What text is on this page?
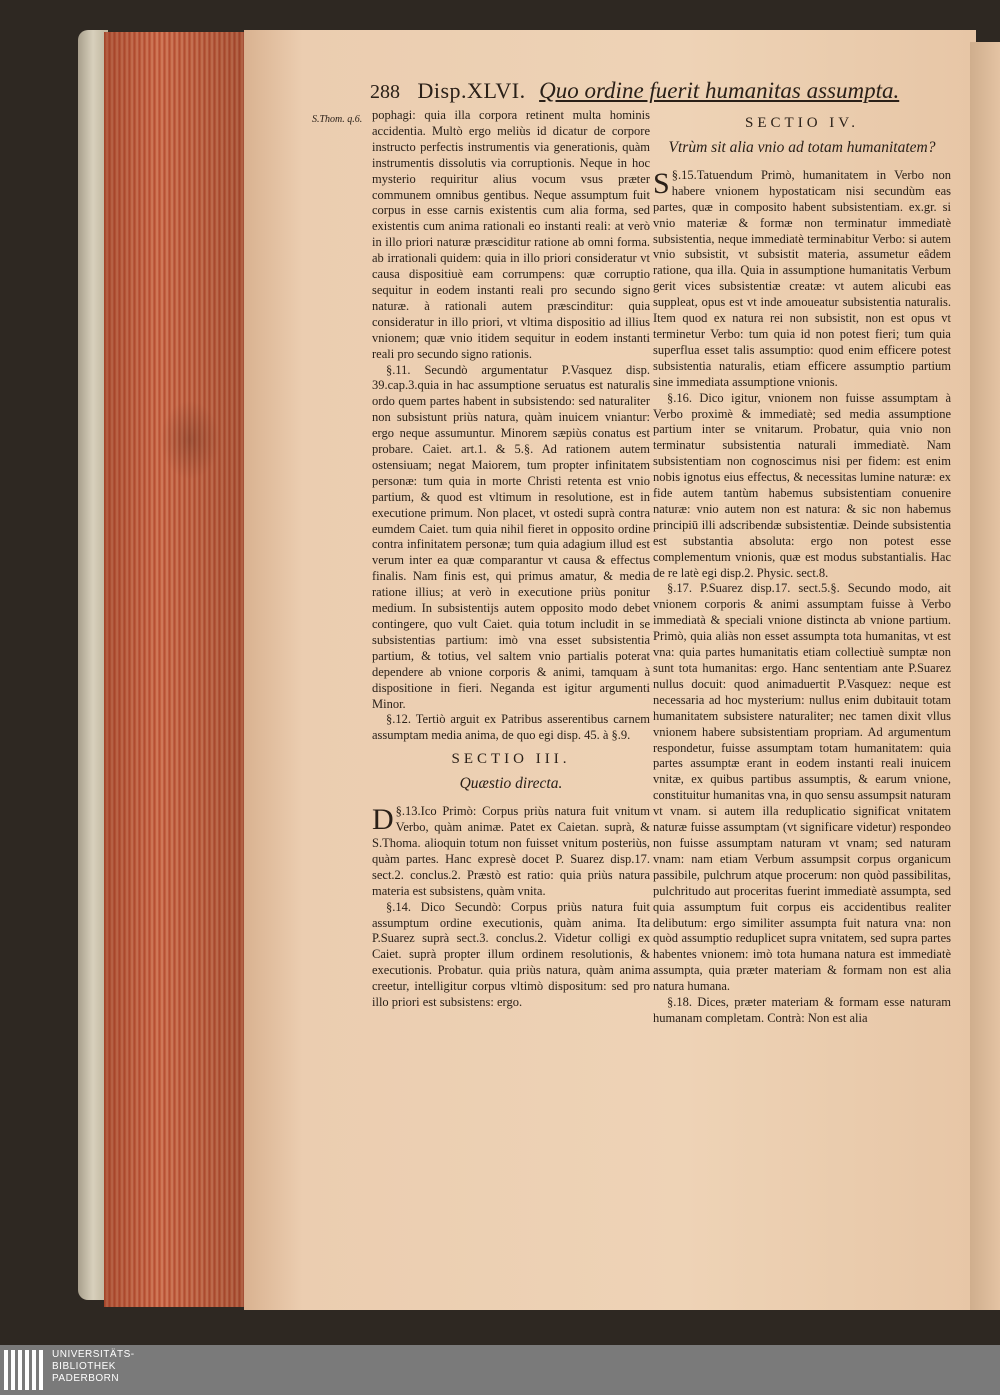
288 Disp.XLVI. Quo ordine fuerit humanitas assumpta.
S.Thom. q.6. pophagi: quia illa corpora retinent multa hominis accidentia. Multò ergo meliùs id dicatur de corpore instructo perfectis instrumentis via generationis, quàm instrumentis dissolutis via corruptionis. Neque in hoc mysterio requiritur alius vocum vsus præter communem omnibus gentibus. Neque assumptum fuit corpus in esse carnis existentis cum alia forma, sed existentis cum anima rationali eo instanti reali: at verò in illo priori naturæ præsciditur ratione ab omni forma. ab irrationali quidem: quia in illo priori consideratur vt causa dispositiuè eam corrumpens: quæ corruptio sequitur in eodem instanti reali pro secundo signo naturæ. à rationali autem præscinditur: quia consideratur in illo priori, vt vltima dispositio ad illius vnionem; quæ vnio itidem sequitur in eodem instanti reali pro secundo signo rationis.

§.11. Secundò argumentatur P.Vasquez disp. 39.cap.3.quia in hac assumptione seruatus est naturalis ordo quem partes habent in subsistendo: sed naturaliter non subsistunt priùs natura, quàm inuicem vniantur: ergo neque assumuntur. Minorem sæpiùs conatus est probare. Caiet. art.1. & 5.§. Ad rationem autem ostensiuam; negat Maiorem, tum propter infinitatem personæ: tum quia in morte Christi retenta est vnio partium, & quod est vltimum in resolutione, est in executione primum. Non placet, vt ostedi suprà contra eumdem Caiet. tum quia nihil fieret in opposito ordine contra infinitatem personæ; tum quia adagium illud est verum inter ea quæ comparantur vt causa & effectus finalis. Nam finis est, qui primus amatur, & media ratione illius; at verò in executione priùs ponitur medium. In subsistentijs autem opposito modo debet contingere, quo vult Caiet. quia totum includit in se subsistentias partium: imò vna esset subsistentia partium, & totius, vel saltem vnio partialis poterat dependere ab vnione corporis & animi, tamquam à dispositione in fieri. Neganda est igitur argumenti Minor.

§.12. Tertiò arguit ex Patribus asserentibus carnem assumptam media anima, de quo egi disp. 45. à §.9.

SECTIO III.

Quæstio directa.

§.13.
D Ico Primò: Corpus priùs natura fuit vnitum Verbo, quàm animæ. Patet ex Caietan. suprà, & S.Thoma. alioquin totum non fuisset vnitum posteriùs, quàm partes. Hanc expresè docet P. Suarez disp.17. sect.2. conclus.2. Præstò est ratio: quia priùs natura materia est subsistens, quàm vnita.

§.14. Dico Secundò: Corpus priùs natura fuit assumptum ordine executionis, quàm anima. Ita P.Suarez suprà sect.3. conclus.2. Videtur colligi ex Caiet. suprà propter illum ordinem resolutionis, & executionis. Probatur. quia priùs natura, quàm anima creetur, intelligitur corpus vltimò dispositum: sed pro illo priori est subsistens: ergo.

SECTIO IV.

Vtrùm sit alia vnio ad totam humanitatem?

§.15.
S Tatuendum Primò, humanitatem in Verbo non habere vnionem hypostaticam nisi secundùm eas partes, quæ in composito habent subsistentiam. ex.gr. si vnio materiæ & formæ non terminatur immediatè subsistentia, neque immediatè terminabitur Verbo: si autem vnio subsistit, vt subsistit materia, assumetur eâdem ratione, qua illa. Quia in assumptione humanitatis Verbum gerit vices subsistentiæ creatæ: vt autem alicubi eas suppleat, opus est vt inde amoueatur subsistentia naturalis. Item quod ex natura rei non subsistit, non est opus vt terminetur Verbo: tum quia id non potest fieri; tum quia superflua esset talis assumptio: quod enim efficere potest subsistentia naturalis, etiam efficere assumptio partium sine immediata assumptione vnionis.

§.16. Dico igitur, vnionem non fuisse assumptam à Verbo proximè & immediatè; sed media assumptione partium inter se vnitarum. Probatur, quia vnio non terminatur subsistentia naturali immediatè. Nam subsistentiam non cognoscimus nisi per fidem: est enim nobis ignotus eius effectus, & necessitas lumine naturæ: ex fide autem tantùm habemus subsistentiam conuenire naturæ: vnio autem non est natura: & sic non habemus principiū illi adscribendæ subsistentiæ. Deinde subsistentia est substantia absoluta: ergo non potest esse complementum vnionis, quæ est modus substantialis. Hac de re latè egi disp.2. Physic. sect.8.

§.17. P.Suarez disp.17. sect.5.§. Secundo modo, ait vnionem corporis & animi assumptam fuisse à Verbo immediatà & speciali vnione distincta ab vnione partium. Primò, quia aliàs non esset assumpta tota humanitas, vt est vna: quia partes humanitatis etiam collectiuè sumptæ non sunt tota humanitas: ergo. Hanc sententiam ante P.Suarez nullus docuit: quod animaduertit P.Vasquez: neque est necessaria ad hoc mysterium: nullus enim dubitauit totam humanitatem subsistere naturaliter; nec tamen dixit vllus vnionem habere subsistentiam propriam. Ad argumentum respondetur, fuisse assumptam totam humanitatem: quia partes assumptæ erant in eodem instanti reali inuicem vnitæ, ex quibus partibus assumptis, & earum vnione, constituitur humanitas vna, in quo sensu assumpsit naturam vt vnam. si autem illa reduplicatio significat vnitatem naturæ fuisse assumptam (vt significare videtur) respondeo non fuisse assumptam naturam vt vnam; sed naturam vnam: nam etiam Verbum assumpsit corpus organicum passibile, pulchrum atque procerum: non quòd passibilitas, pulchritudo aut proceritas fuerint immediatè assumpta, sed quia assumptum fuit corpus eis accidentibus realiter delibutum: ergo similiter assumpta fuit natura vna: non quòd assumptio reduplicet supra vnitatem, sed supra partes habentes vnionem: imò tota humana natura est immediatè assumpta, quia præter materiam & formam non est alia natura humana.

§.18. Dices, præter materiam & formam esse naturam humanam completam. Contrà: Non est alia

UNIVERSITÄTS-
BIBLIOTHEK
PADERBORN
